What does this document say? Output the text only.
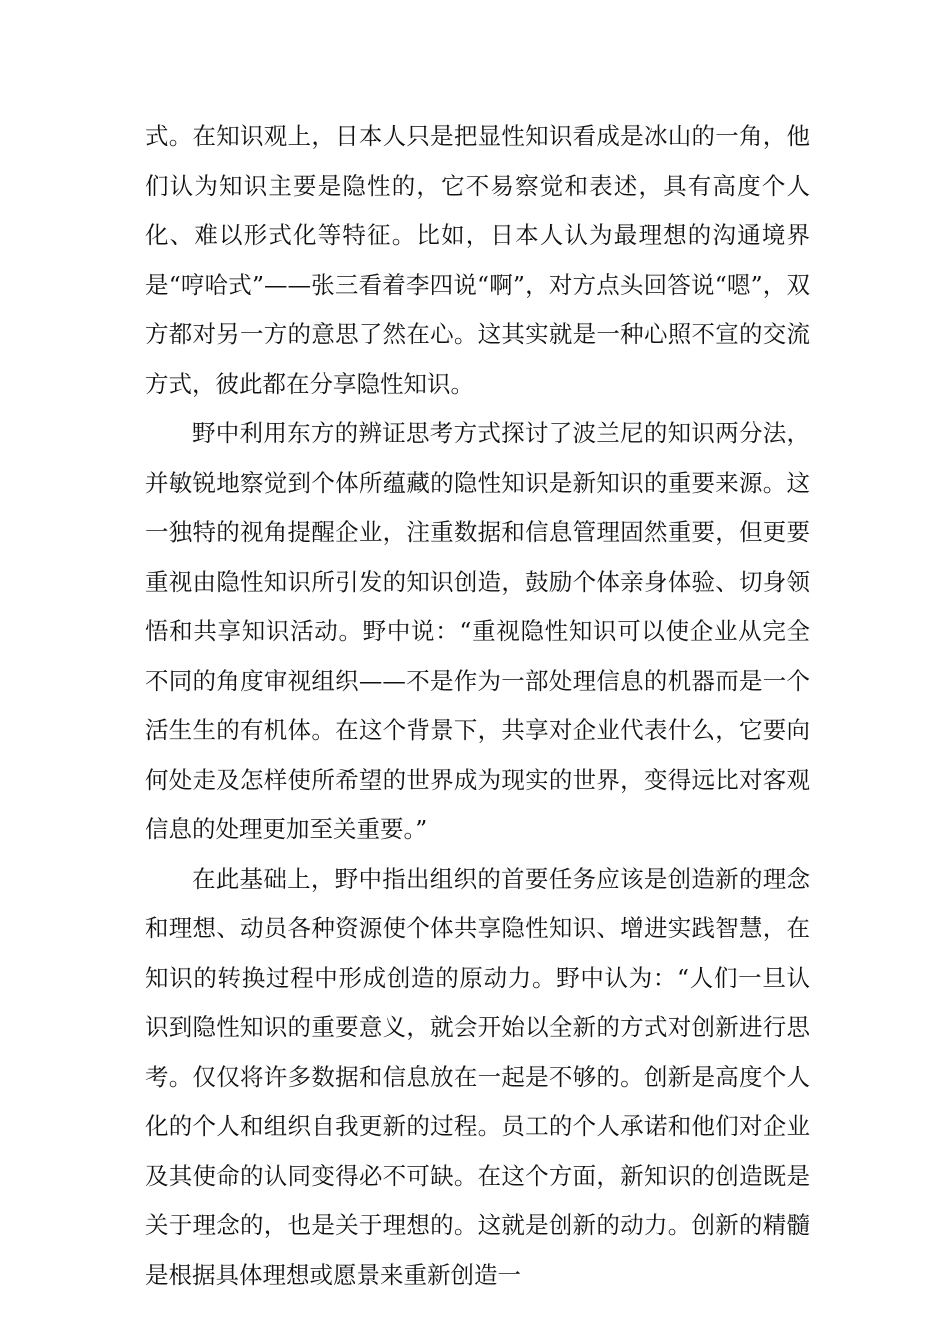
式。在知识观上，日本人只是把显性知识看成是冰山的一角，他们认为知识主要是隐性的，它不易察觉和表述，具有高度个人化、难以形式化等特征。比如，日本人认为最理想的沟通境界是“哼哈式”——张三看着李四说“啊”，对方点头回答说“嗯”，双方都对另一方的意思了然在心。这其实就是一种心照不宣的交流方式，彼此都在分享隐性知识。

野中利用东方的辨证思考方式探讨了波兰尼的知识两分法，并敏锐地察觉到个体所蕴藏的隐性知识是新知识的重要来源。这一独特的视角提醒企业，注重数据和信息管理固然重要，但更要重视由隐性知识所引发的知识创造，鼓励个体亲身体验、切身领悟和共享知识活动。野中说：“重视隐性知识可以使企业从完全不同的角度审视组织——不是作为一部处理信息的机器而是一个活生生的有机体。在这个背景下，共享对企业代表什么，它要向何处走及怎样使所希望的世界成为现实的世界，变得远比对客观信息的处理更加至关重要。”

在此基础上，野中指出组织的首要任务应该是创造新的理念和理想、动员各种资源使个体共享隐性知识、增进实践智慧，在知识的转换过程中形成创造的原动力。野中认为：“人们一旦认识到隐性知识的重要意义，就会开始以全新的方式对创新进行思考。仅仅将许多数据和信息放在一起是不够的。创新是高度个人化的个人和组织自我更新的过程。员工的个人承诺和他们对企业及其使命的认同变得必不可缺。在这个方面，新知识的创造既是关于理念的，也是关于理想的。这就是创新的动力。创新的精髓是根据具体理想或愿景来重新创造一
